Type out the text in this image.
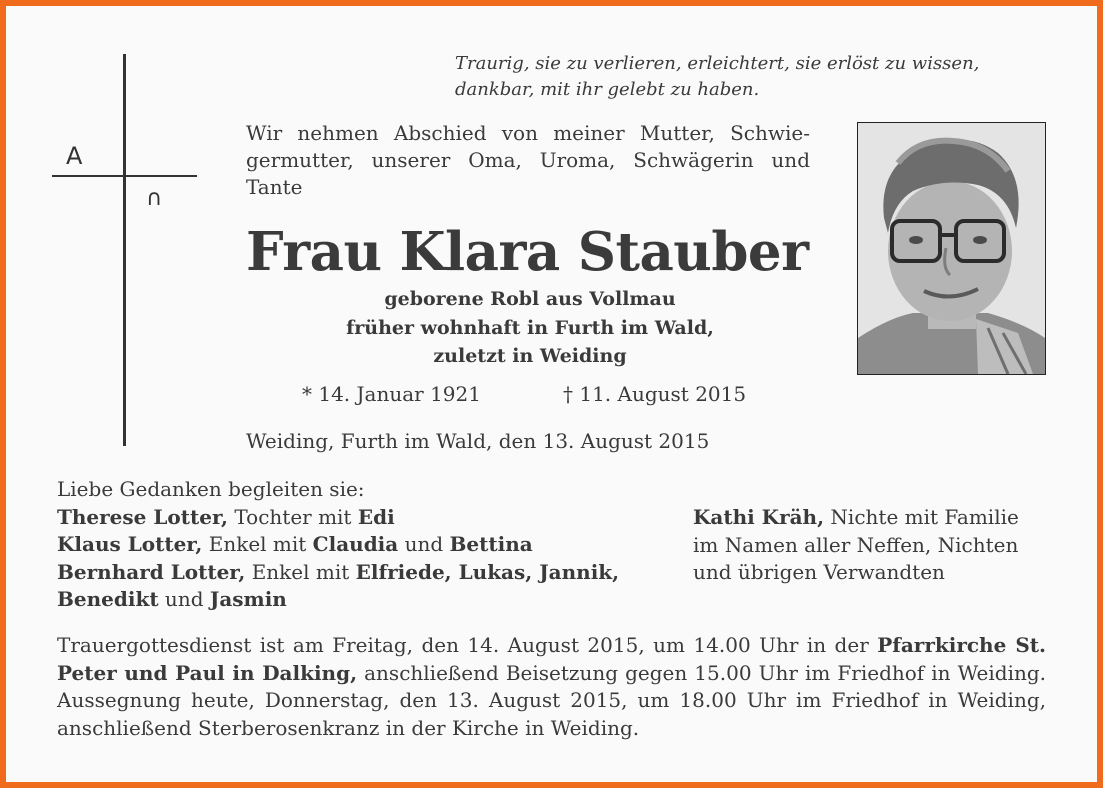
Traurig, sie zu verlieren, erleichtert, sie erlöst zu wissen,
dankbar, mit ihr gelebt zu haben.
A
∩
Wir nehmen Abschied von meiner Mutter, Schwie-
germutter, unserer Oma, Uroma, Schwägerin und
Tante
Frau Klara Stauber
geborene Robl aus Vollmau
früher wohnhaft in Furth im Wald,
zuletzt in Weiding
* 14. Januar 1921	† 11. August 2015
Weiding, Furth im Wald, den 13. August 2015
Liebe Gedanken begleiten sie:
Therese Lotter, Tochter mit Edi
Klaus Lotter, Enkel mit Claudia und Bettina
Bernhard Lotter, Enkel mit Elfriede, Lukas, Jannik,
Benedikt und Jasmin
Kathi Kräh, Nichte mit Familie
im Namen aller Neffen, Nichten
und übrigen Verwandten
Trauergottesdienst ist am Freitag, den 14. August 2015, um 14.00 Uhr in der Pfarrkirche St. Peter und Paul in Dalking, anschließend Beisetzung gegen 15.00 Uhr im Friedhof in Weiding. Aussegnung heute, Donnerstag, den 13. August 2015, um 18.00 Uhr im Friedhof in Weiding, anschließend Sterberosenkranz in der Kirche in Weiding.
